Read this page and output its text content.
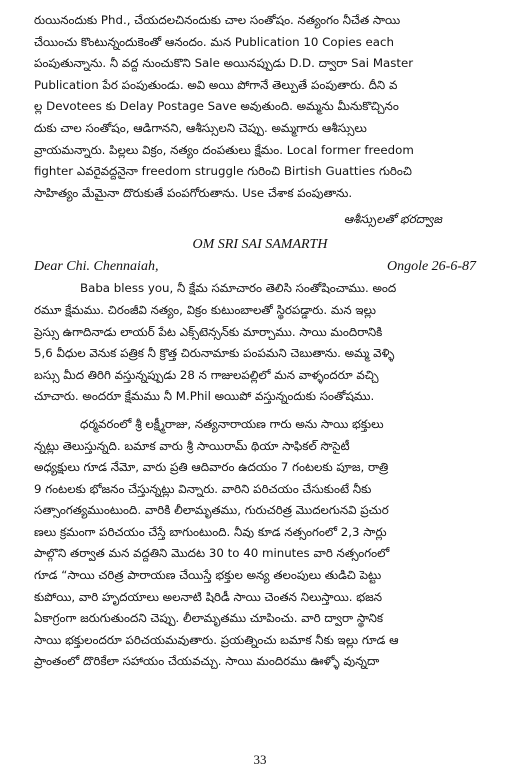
రుయినందుకు Phd., చేయదలచినందుకు చాల సంతోషం. నత్యంగం నీచేత సాయి
చేయించు కొంటున్నందుకెంతో ఆనందం. మన Publication 10 Copies each
పంపుతున్నాను. నీ వద్ద నుంచుకొని Sale అయినప్పుడు D.D. ద్వారా Sai Master
Publication పేర పంపుతుండు. అవి అయి పోగానే తెల్పుతే పంపుతారు. దీని వ
ల్ల Devotees కు Delay Postage Save అవుతుంది. అమ్మను మీనుకొచ్చినం
దుకు చాల సంతోషం, ఆడిగానని, ఆశీస్సులని చెప్పు. అమ్మగారు ఆశీస్సులు
వ్రాయమన్నారు. పిల్లలు విక్రం, నత్యం దంపతులు క్షేమం. Local former freedom
fighter ఎవరైవద్దనైనా freedom struggle గురించి Birtish Guatties గురించి
సాహిత్యం మేమైనా దొరుకుతే పంపగోరుతాను. Use చేశాక పంపుతాను.
ఆశీస్సులతో భరద్వాజ
OM SRI SAI SAMARTH
Dear Chi. Chennaiah,	Ongole 26-6-87
Baba bless you, నీ క్షేమ సమాచారం తెలిసి సంతోషించాము. అంద
రమూ క్షేమము. చిరంజీవి నత్యం, విక్రం కుటుంబాలతో స్థిరపడ్డారు. మన ఇల్లు
ప్రెస్సు ఉగాదినాడు లాయర్ పేట ఎక్స్‌టెన్సన్‌కు మార్చాము. సాయి మందిరానికి
5,6 వీధుల వెనుక పత్రిక నీ క్రొత్త చిరునామాకు పంపమని చెబుతాను. అమ్మ వెళ్ళి
బస్సు మీద తిరిగి వస్తున్నప్పుడు 28 న గాజులపల్లిలో మన వాళ్ళందరూ వచ్చి
చూచారు. అందరూ క్షేమము నీ M.Phil అయిపో వస్తున్నందుకు సంతోషము.
ధర్మవరంలో శ్రీ లక్ష్మీరాజు, నత్యనారాయణ గారు అను సాయి భక్తులు
న్నట్లు తెలుస్తున్నది. బమాక వారు శ్రీ సాయిరామ్ థియా సాఫికల్ సొసైటీ
అధ్యక్షులు గూడ నేమో, వారు ప్రతి ఆదివారం ఉదయం 7 గంటలకు పూజ, రాత్రి
9 గంటలకు భోజనం చేస్తున్నట్లు విన్నారు. వారిని పరిచయం చేసుకుంటే నీకు
సత్సాంగత్యముంటుంది. వారికి లీలామృతము, గురుచరిత్ర మొదలగునవి ప్రచుర
ణలు క్రమంగా పరిచయం చేస్తే బాగుంటుంది. నీవు కూడ నత్సంగంలో 2,3 సార్లు
పాల్గొని తర్వాత మన వద్దతిని మొదట 30 to 40 minutes వారి నత్సంగంలో
గూడ “సాయి చరిత్ర పారాయణ చేయిస్తే భక్తుల అన్య తలంపులు తుడిచి పెట్టు
కుపోయి, వారి హృదయాలు అలనాటి షిరిడీ సాయి చెంతన నిలుస్తాయి. భజన
ఏకాగ్రంగా జరుగుతుందని చెప్పు. లీలామృతము చూపించు. వారి ద్వారా స్థానిక
సాయి భక్తులందరూ పరిచయమవుతారు. ప్రయత్నించు బమాక నీకు ఇల్లు గూడ ఆ
ప్రాంతంలో దొరికేలా సహాయం చేయవచ్చు. సాయి మందిరము ఊళ్ళో వున్నదా
33
